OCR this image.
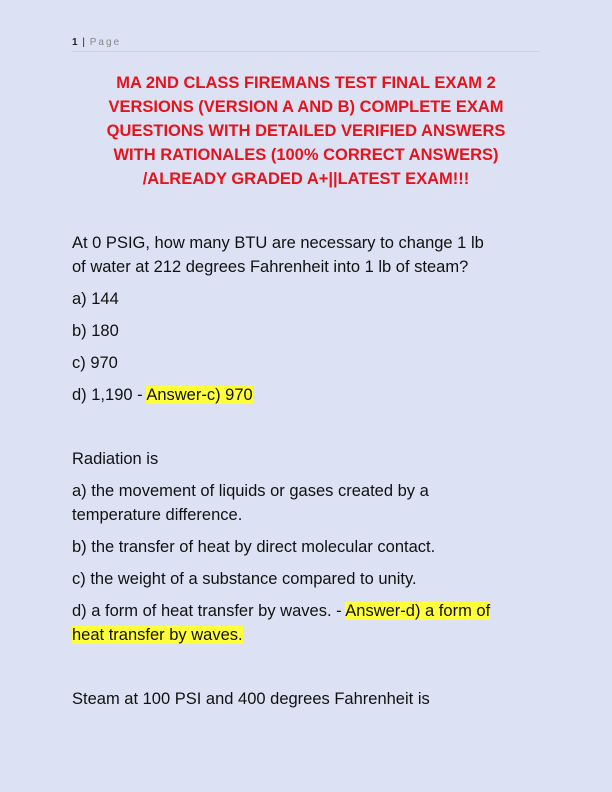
1 | Page
MA 2ND CLASS FIREMANS TEST FINAL EXAM 2
VERSIONS (VERSION A AND B) COMPLETE EXAM
QUESTIONS WITH DETAILED VERIFIED ANSWERS
WITH RATIONALES (100% CORRECT ANSWERS)
/ALREADY GRADED A+||LATEST EXAM!!!
At 0 PSIG, how many BTU are necessary to change 1 lb
of water at 212 degrees Fahrenheit into 1 lb of steam?
a) 144
b) 180
c) 970
d) 1,190 - Answer-c) 970
Radiation is
a) the movement of liquids or gases created by a
temperature difference.
b) the transfer of heat by direct molecular contact.
c) the weight of a substance compared to unity.
d) a form of heat transfer by waves. - Answer-d) a form of
heat transfer by waves.
Steam at 100 PSI and 400 degrees Fahrenheit is
